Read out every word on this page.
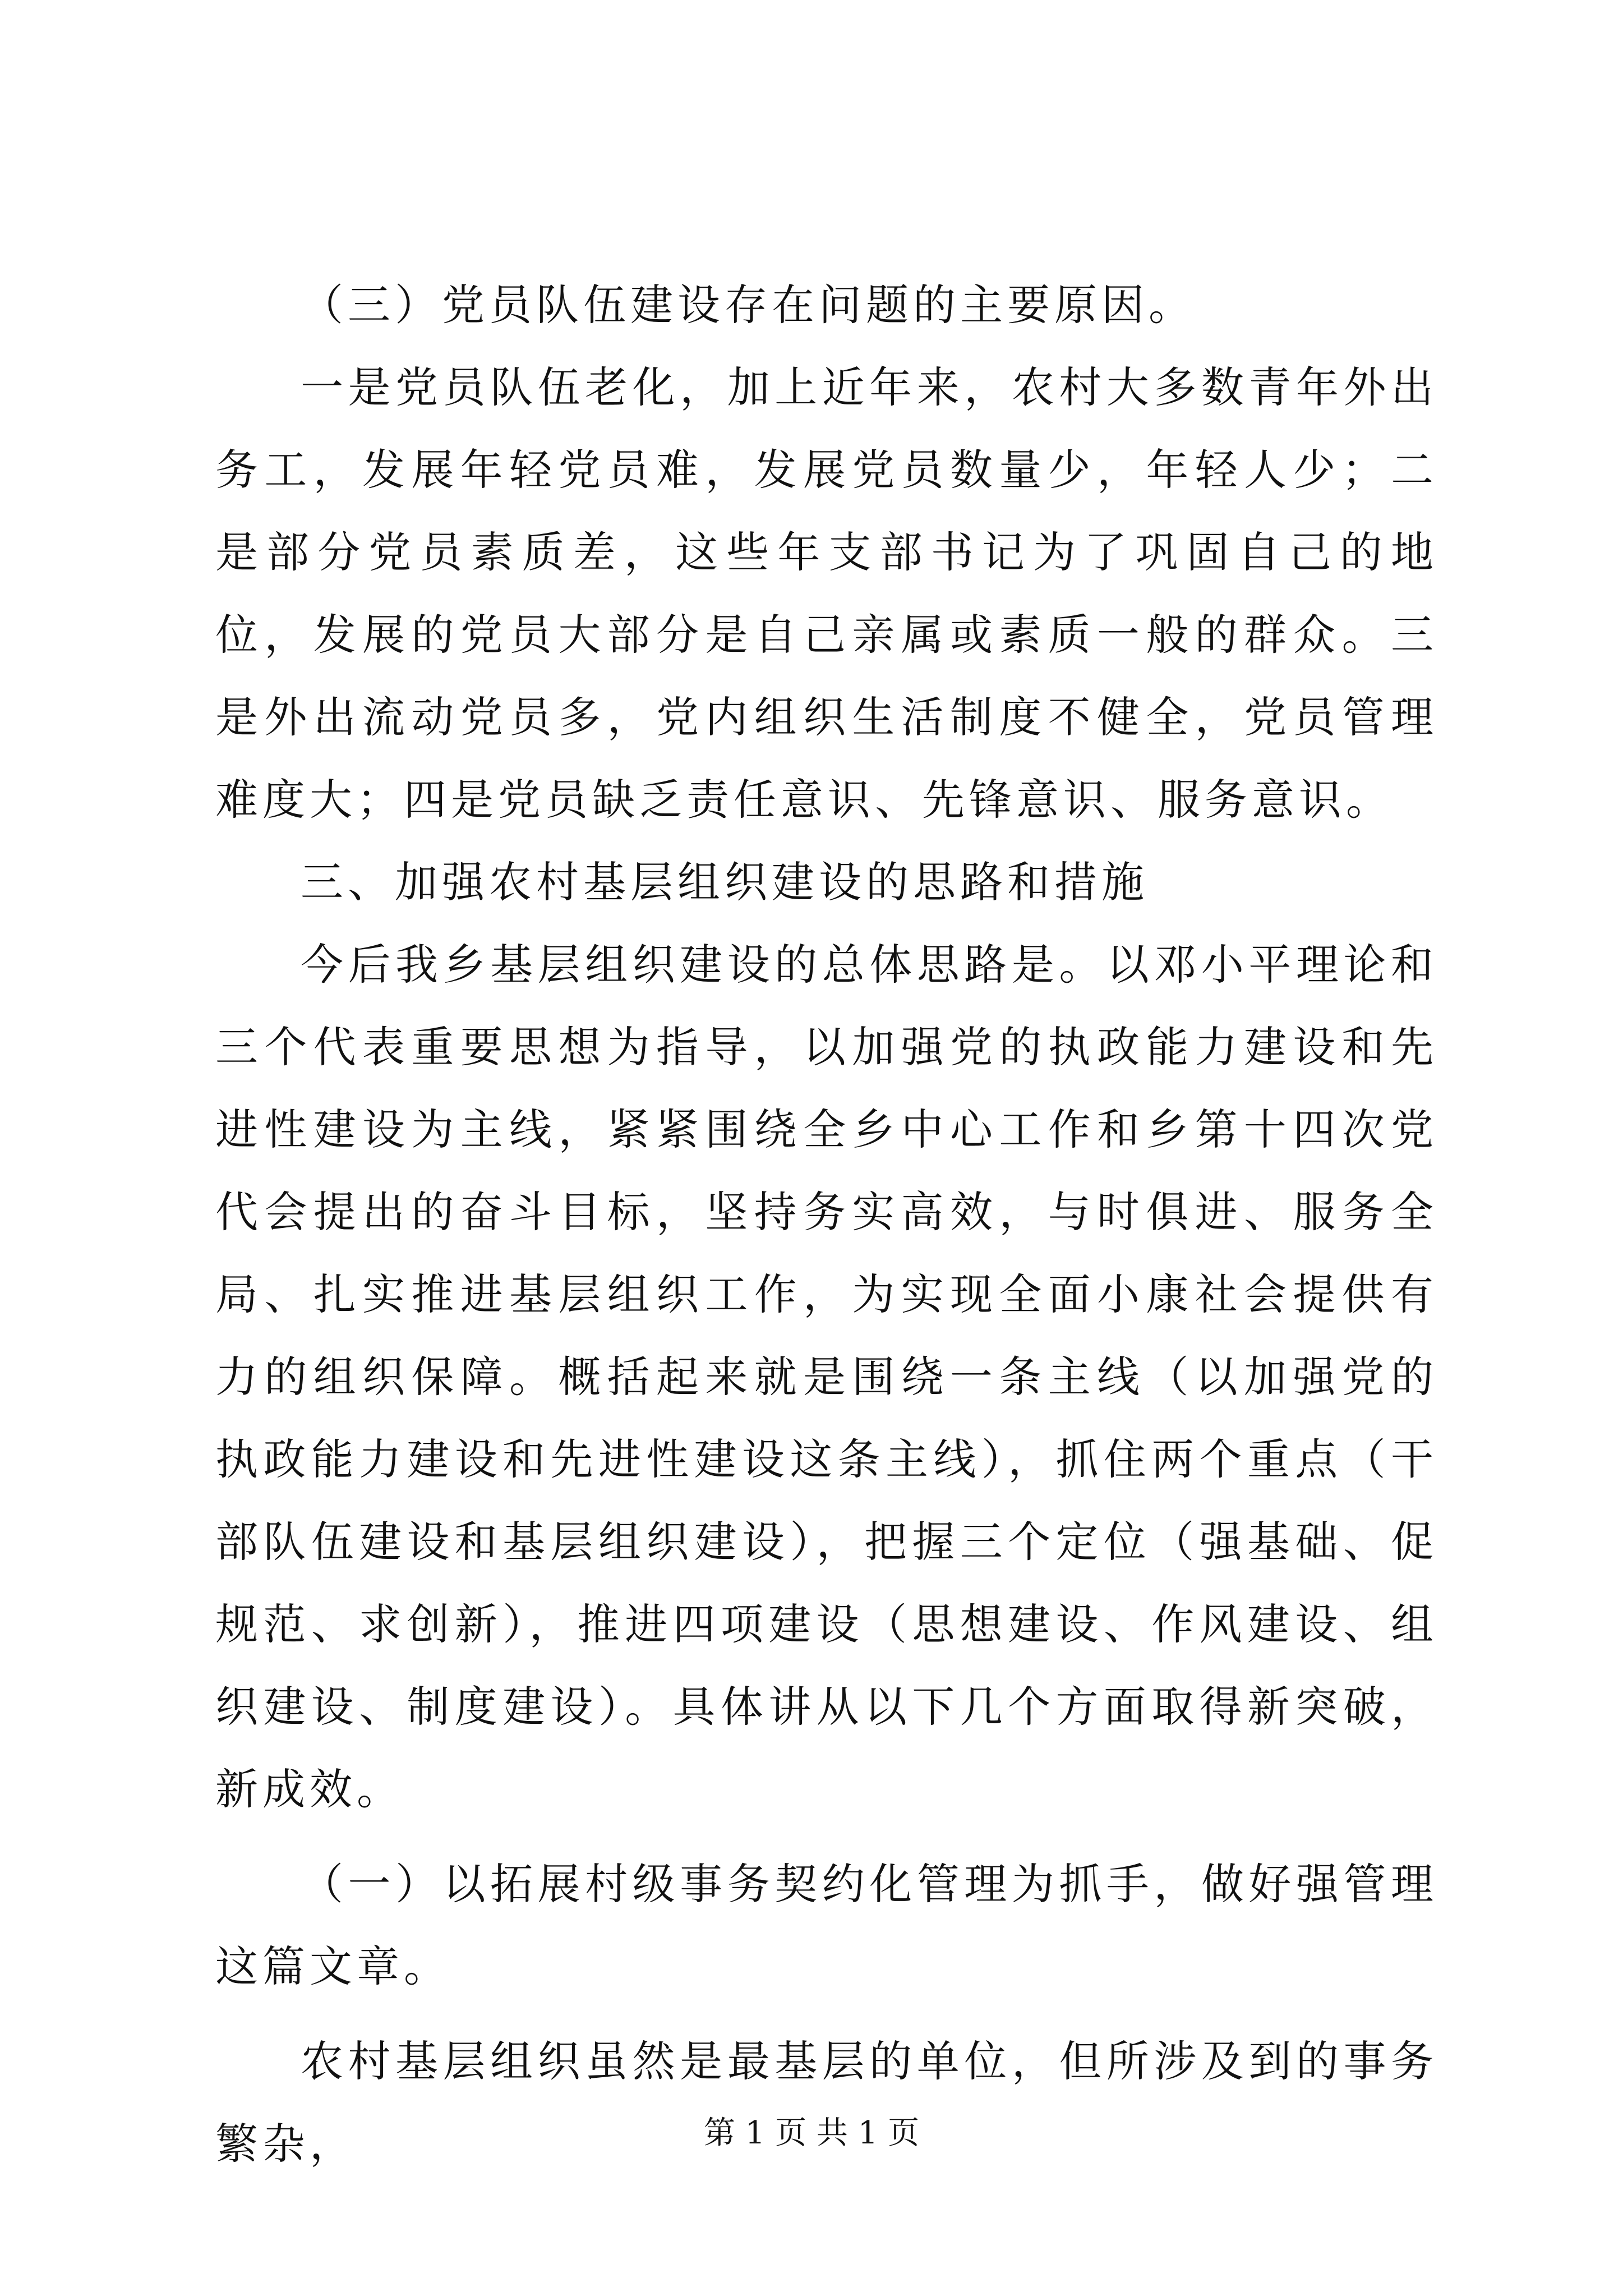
（三）党员队伍建设存在问题的主要原因。

一是党员队伍老化，加上近年来，农村大多数青年外出务工，发展年轻党员难，发展党员数量少，年轻人少；二是部分党员素质差，这些年支部书记为了巩固自己的地位，发展的党员大部分是自己亲属或素质一般的群众。三是外出流动党员多，党内组织生活制度不健全，党员管理难度大；四是党员缺乏责任意识、先锋意识、服务意识。

三、加强农村基层组织建设的思路和措施

今后我乡基层组织建设的总体思路是。以邓小平理论和三个代表重要思想为指导，以加强党的执政能力建设和先进性建设为主线，紧紧围绕全乡中心工作和乡第十四次党代会提出的奋斗目标，坚持务实高效，与时俱进、服务全局、扎实推进基层组织工作，为实现全面小康社会提供有力的组织保障。概括起来就是围绕一条主线（以加强党的执政能力建设和先进性建设这条主线），抓住两个重点（干部队伍建设和基层组织建设），把握三个定位（强基础、促规范、求创新），推进四项建设（思想建设、作风建设、组织建设、制度建设）。具体讲从以下几个方面取得新突破，新成效。

（一）以拓展村级事务契约化管理为抓手，做好强管理这篇文章。

农村基层组织虽然是最基层的单位，但所涉及到的事务繁杂，	第 1 页 共 1 页
